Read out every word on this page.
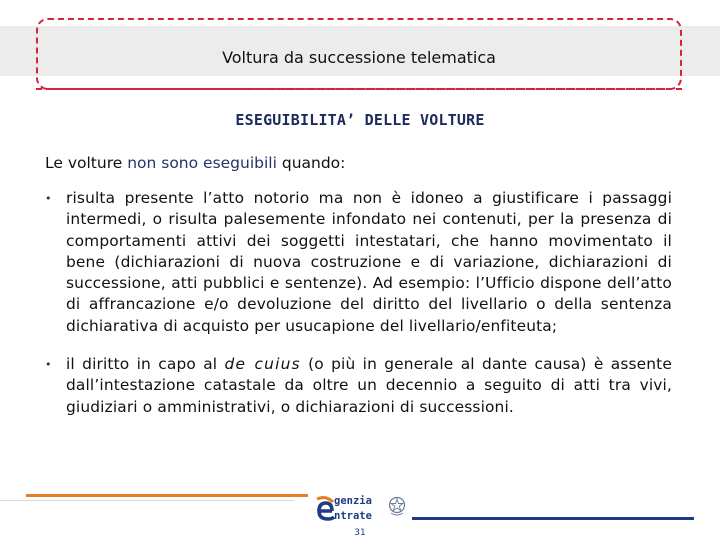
Voltura da successione telematica
ESEGUIBILITA’ DELLE VOLTURE
Le volture non sono eseguibili quando:
• risulta presente l’atto notorio ma non è idoneo a giustificare i passaggi intermedi, o risulta palesemente infondato nei contenuti, per la presenza di comportamenti attivi dei soggetti intestatari, che hanno movimentato il bene (dichiarazioni di nuova costruzione e di variazione, dichiarazioni di successione, atti pubblici e sentenze). Ad esempio: l’Ufficio dispone dell’atto di affrancazione e/o devoluzione del diritto del livellario o della sentenza dichiarativa di acquisto per usucapione del livellario/enfiteuta;
• il diritto in capo al de cuius (o più in generale al dante causa) è assente dall’intestazione catastale da oltre un decennio a seguito di atti tra vivi, giudiziari o amministrativi, o dichiarazioni di successioni.
genzia
ntrate
31
